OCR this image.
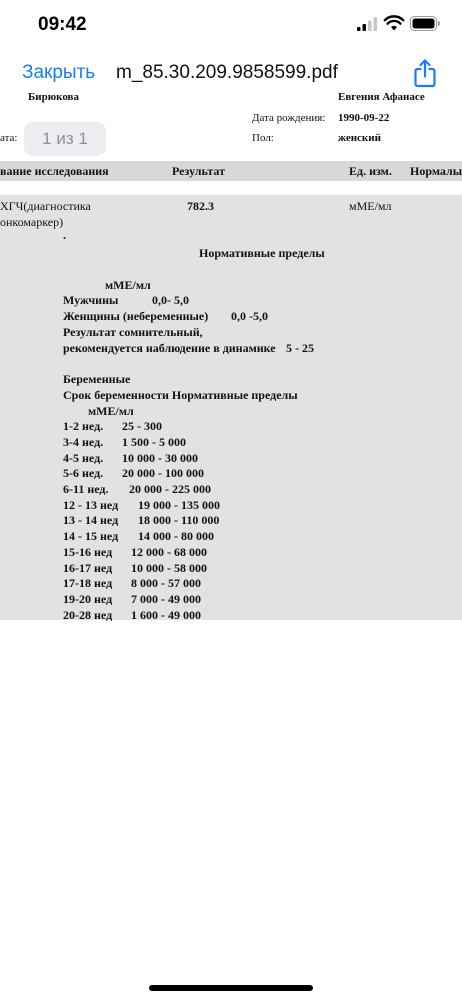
09:42
Закрыть m_85.30.209.9858599.pdf
Бирюкова	Евгения Афанасе
ата:
Дата рождения: 1990-09-22
Пол:	женский
1 из 1
вание исследования	Результат	Ед. изм. Нормалы
ХГЧ(диагностика
онкомаркер)
782.3	мМЕ/мл
.
Нормативные пределы
мМЕ/мл
Мужчины	0,0- 5,0
Женщины (небеременные) 0,0 -5,0
Результат сомнительный,
рекомендуется наблюдение в динамике 5 - 25
Беременные
Срок беременности Нормативные пределы
мМЕ/мл
1-2 нед. 25 - 300
3-4 нед. 1 500 - 5 000
4-5 нед. 10 000 - 30 000
5-6 нед. 20 000 - 100 000
6-11 нед. 20 000 - 225 000
12 - 13 нед 19 000 - 135 000
13 - 14 нед 18 000 - 110 000
14 - 15 нед 14 000 - 80 000
15-16 нед 12 000 - 68 000
16-17 нед 10 000 - 58 000
17-18 нед 8 000 - 57 000
19-20 нед 7 000 - 49 000
20-28 нед 1 600 - 49 000
